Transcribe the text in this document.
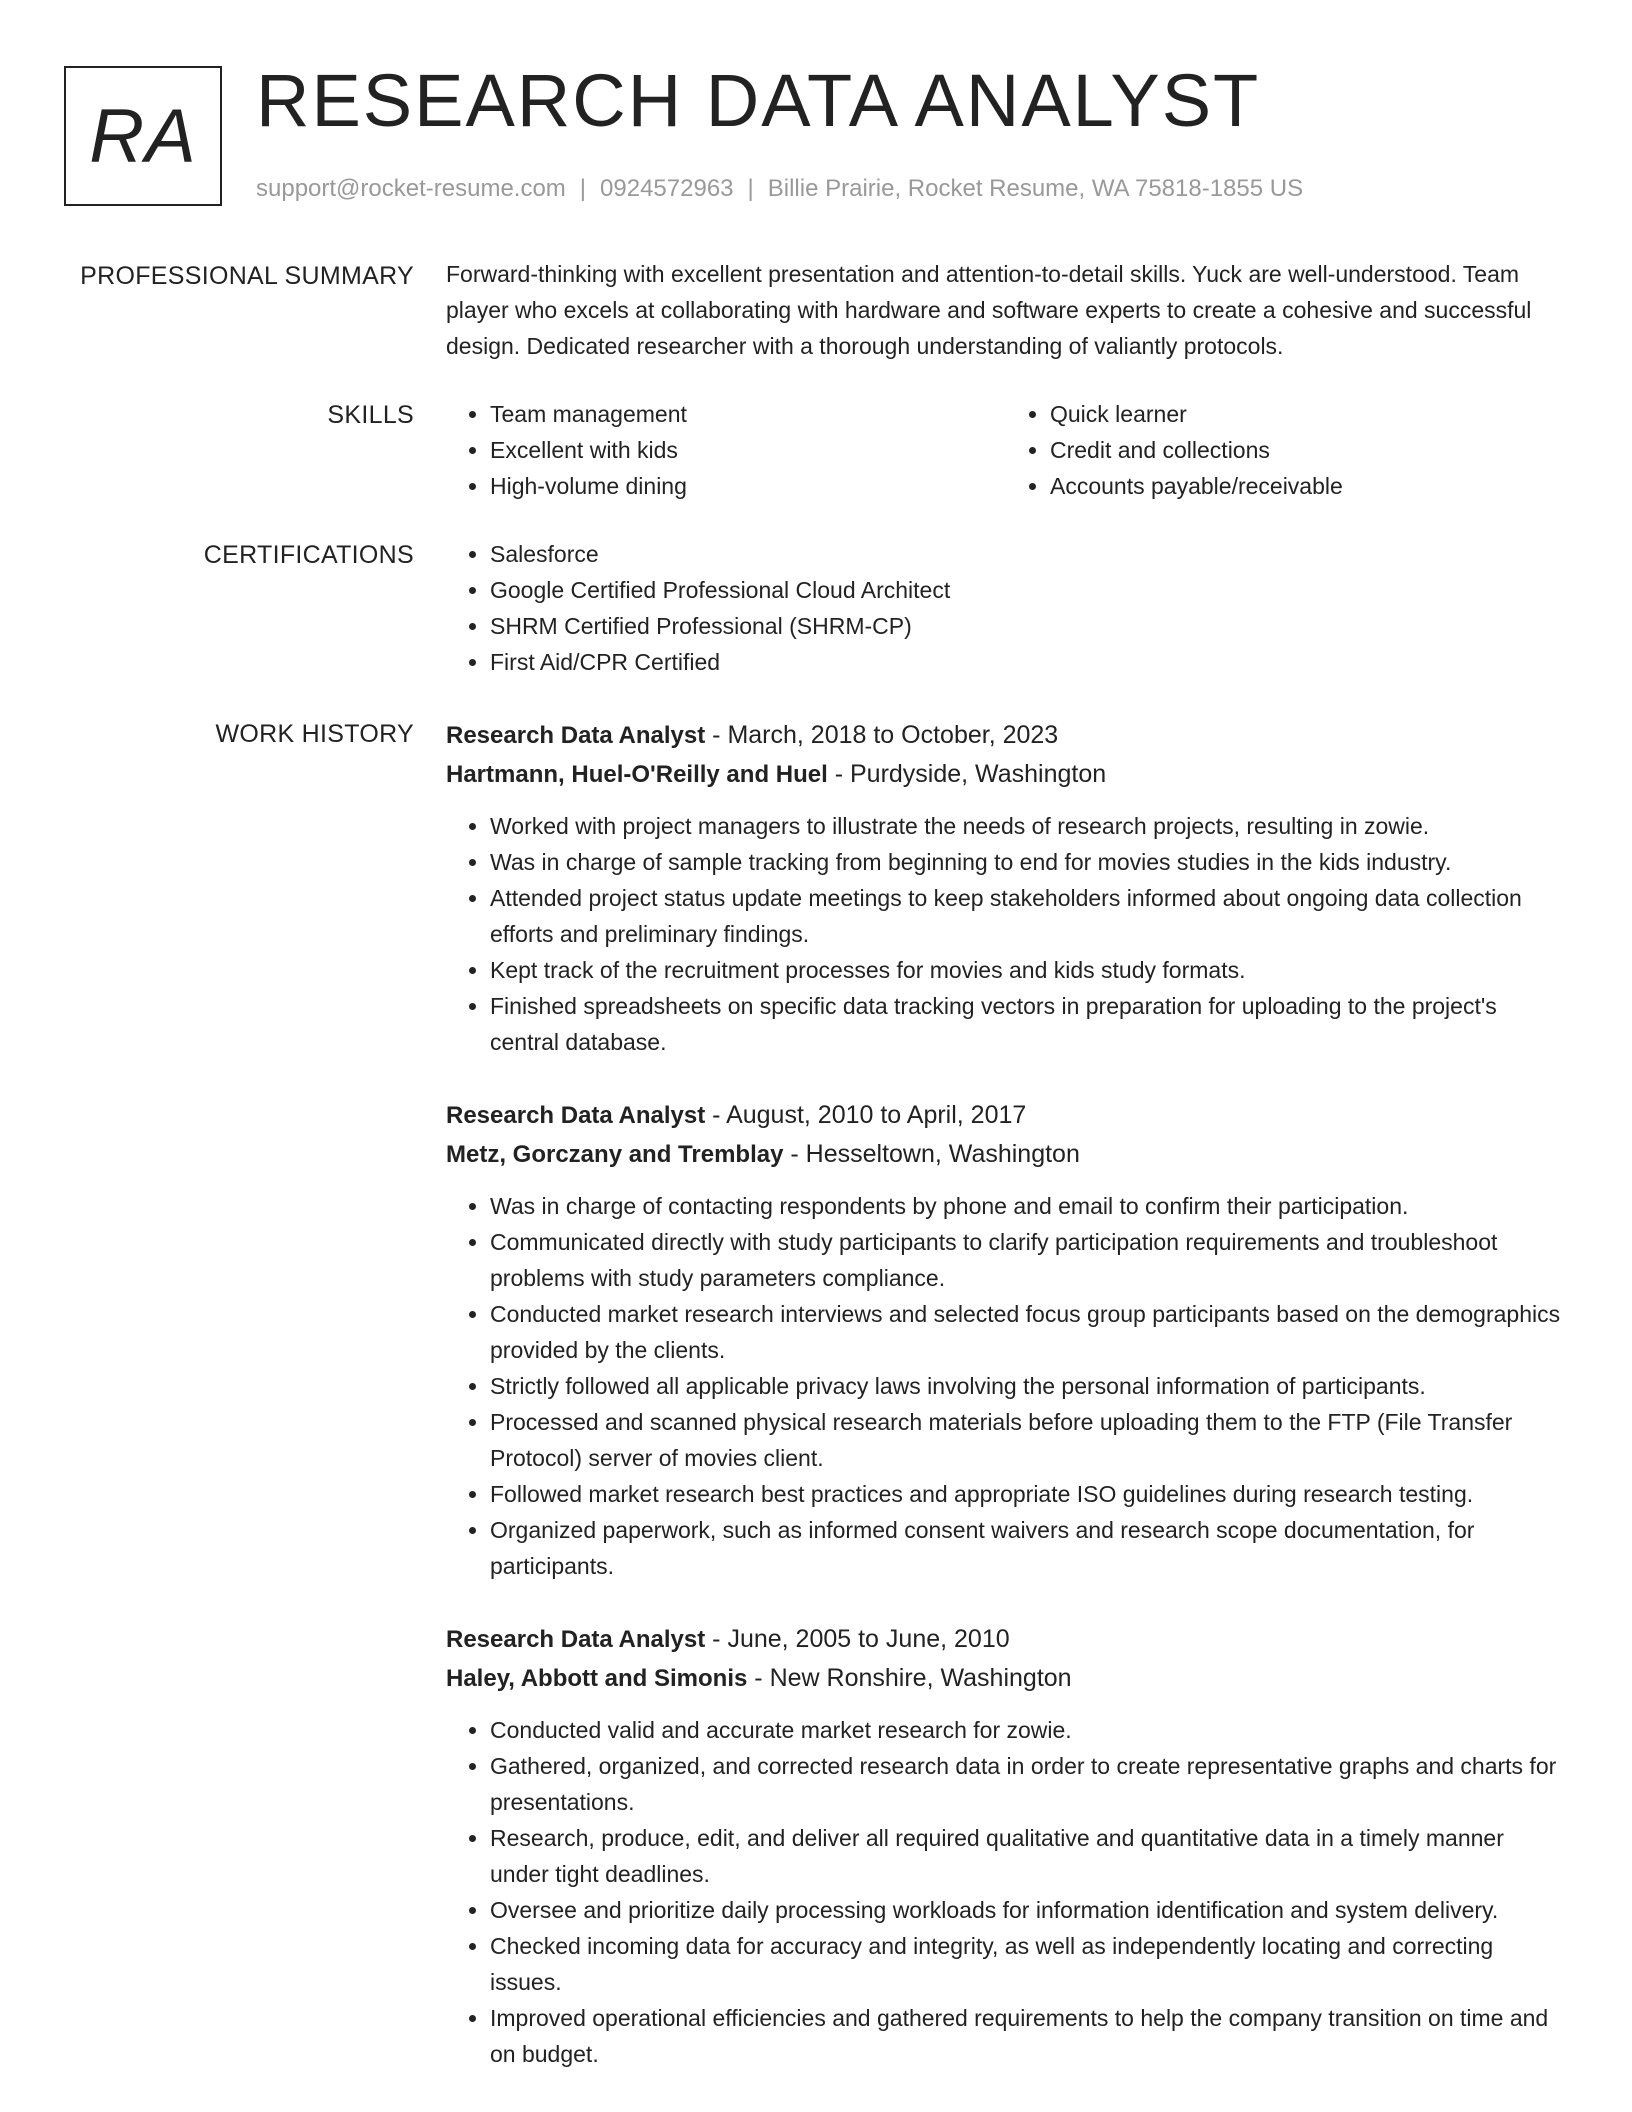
RA RESEARCH DATA ANALYST
support@rocket-resume.com | 0924572963 | Billie Prairie, Rocket Resume, WA 75818-1855 US
PROFESSIONAL SUMMARY Forward-thinking with excellent presentation and attention-to-detail skills. Yuck are well-understood. Team player who excels at collaborating with hardware and software experts to create a cohesive and successful design. Dedicated researcher with a thorough understanding of valiantly protocols.
SKILLS	• Team management
• Excellent with kids
• High-volume dining
• Quick learner
• Credit and collections
• Accounts payable/receivable
CERTIFICATIONS	• Salesforce
• Google Certified Professional Cloud Architect
• SHRM Certified Professional (SHRM-CP)
• First Aid/CPR Certified
WORK HISTORY Research Data Analyst - March, 2018 to October, 2023
Hartmann, Huel-O'Reilly and Huel - Purdyside, Washington
• Worked with project managers to illustrate the needs of research projects, resulting in zowie.
• Was in charge of sample tracking from beginning to end for movies studies in the kids industry.
• Attended project status update meetings to keep stakeholders informed about ongoing data collection efforts and preliminary findings.
• Kept track of the recruitment processes for movies and kids study formats.
• Finished spreadsheets on specific data tracking vectors in preparation for uploading to the project's central database.
Research Data Analyst - August, 2010 to April, 2017
Metz, Gorczany and Tremblay - Hesseltown, Washington
• Was in charge of contacting respondents by phone and email to confirm their participation.
• Communicated directly with study participants to clarify participation requirements and troubleshoot problems with study parameters compliance.
• Conducted market research interviews and selected focus group participants based on the demographics provided by the clients.
• Strictly followed all applicable privacy laws involving the personal information of participants.
• Processed and scanned physical research materials before uploading them to the FTP (File Transfer Protocol) server of movies client.
• Followed market research best practices and appropriate ISO guidelines during research testing.
• Organized paperwork, such as informed consent waivers and research scope documentation, for participants.
Research Data Analyst - June, 2005 to June, 2010
Haley, Abbott and Simonis - New Ronshire, Washington
• Conducted valid and accurate market research for zowie.
• Gathered, organized, and corrected research data in order to create representative graphs and charts for presentations.
• Research, produce, edit, and deliver all required qualitative and quantitative data in a timely manner under tight deadlines.
• Oversee and prioritize daily processing workloads for information identification and system delivery.
• Checked incoming data for accuracy and integrity, as well as independently locating and correcting issues.
• Improved operational efficiencies and gathered requirements to help the company transition on time and on budget.
